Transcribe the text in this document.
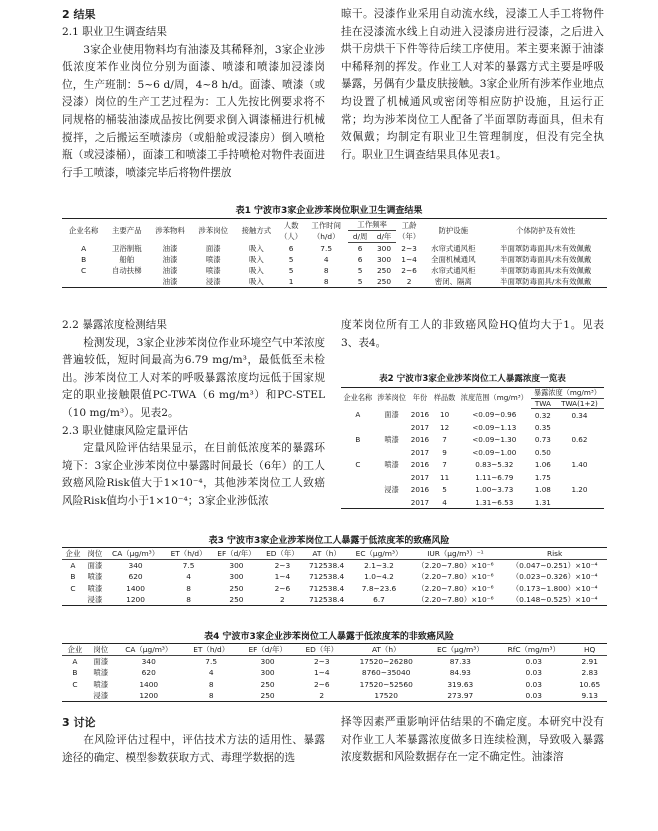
2 结果
2.1 职业卫生调查结果

3家企业使用物料均有油漆及其稀释剂，3家企业涉低浓度苯作业岗位分别为面漆、喷漆和喷漆加浸漆岗位，生产班制：5~6 d/周，4~8 h/d。面漆、喷漆（或浸漆）岗位的生产工艺过程为：工人先按比例要求将不同规格的桶装油漆成品按比例要求倒入调漆桶进行机械搅拌，之后搬运至喷漆房（或船舱或浸漆房）倒入喷枪瓶（或浸漆桶），面漆工和喷漆工手持喷枪对物件表面进行手工喷漆，喷漆完毕后将物件摆放

晾干。浸漆作业采用自动流水线，浸漆工人手工将物件挂在浸漆流水线上自动进入浸漆房进行浸漆，之后进入烘干房烘干下件等待后续工序使用。苯主要来源于油漆中稀释剂的挥发。作业工人对苯的暴露方式主要是呼吸暴露，另偶有少量皮肤接触。3家企业所有涉苯作业地点均设置了机械通风或密闭等相应防护设施，且运行正常；均为涉苯岗位工人配备了半面罩防毒面具，但未有效佩戴；均制定有职业卫生管理制度，但没有完全执行。职业卫生调查结果具体见表1。

表1 宁波市3家企业涉苯岗位职业卫生调查结果
企业名称	主要产品	涉苯物料	涉苯岗位	接触方式	人数（人）	工作时间（h/d）	工作频率		工龄（年）	防护设施	个体防护及有效性
							d/周	d/年			
A	卫浴制瓶	油漆	面漆	吸入	6	7.5	6	300	2~3	水帘式通风柜	半面罩防毒面具/未有效佩戴
B	船舶	油漆	喷漆	吸入	5	4	6	300	1~4	全面机械通风	半面罩防毒面具/未有效佩戴
C	自动扶梯	油漆	喷漆	吸入	5	8	5	250	2~6	水帘式通风柜	半面罩防毒面具/未有效佩戴
		油漆	浸漆	吸入	1	8	5	250	2	密闭、隔离	半面罩防毒面具/未有效佩戴
2.2 暴露浓度检测结果

检测发现，3家企业涉苯岗位作业环境空气中苯浓度普遍较低，短时间最高为6.79 mg/m³，最低低至未检出。涉苯岗位工人对苯的呼吸暴露浓度均远低于国家规定的职业接触限值PC-TWA（6 mg/m³）和PC-STEL（10 mg/m³）。见表2。

2.3 职业健康风险定量评估

定量风险评估结果显示，在目前低浓度苯的暴露环境下：3家企业涉苯岗位中暴露时间最长（6年）的工人致癌风险Risk值大于1×10⁻⁴，其他涉苯岗位工人致癌风险Risk值均小于1×10⁻⁴；3家企业涉低浓

度苯岗位所有工人的非致癌风险HQ值均大于1。见表3、表4。

表2 宁波市3家企业涉苯岗位工人暴露浓度一览表
企业名称	涉苯岗位	年份	样品数	浓度范围（mg/m³）	暴露浓度（mg/m³）	
					TWA	TWA(1+2)
A	面漆	2016	10	<0.09~0.96	0.32	0.34
		2017	12	<0.09~1.13	0.35	
B	喷漆	2016	7	<0.09~1.30	0.73	0.62
		2017	9	<0.09~1.00	0.50	
C	喷漆	2016	7	0.83~5.32	1.06	1.40
		2017	11	1.11~6.79	1.75	
	浸漆	2016	5	1.00~3.73	1.08	1.20
		2017	4	1.31~6.53	1.31	
表3 宁波市3家企业涉苯岗位工人暴露于低浓度苯的致癌风险
企业	岗位	CA（μg/m³）	ET（h/d）	EF（d/年）	ED（年）	AT（h）	EC（μg/m³）	IUR（μg/m³）⁻¹	Risk
A	面漆	340	7.5	300	2~3	712538.4	2.1~3.2	（2.20~7.80）×10⁻⁶	（0.047~0.251）×10⁻⁴
B	喷漆	620	4	300	1~4	712538.4	1.0~4.2	（2.20~7.80）×10⁻⁶	（0.023~0.326）×10⁻⁴
C	喷漆	1400	8	250	2~6	712538.4	7.8~23.6	（2.20~7.80）×10⁻⁶	（0.173~1.800）×10⁻⁴
	浸漆	1200	8	250	2	712538.4	6.7	（2.20~7.80）×10⁻⁶	（0.148~0.525）×10⁻⁴
表4 宁波市3家企业涉苯岗位工人暴露于低浓度苯的非致癌风险
企业	岗位	CA（μg/m³）	ET（h/d）	EF（d/年）	ED（年）	AT（h）	EC（μg/m³）	RfC（mg/m³）	HQ
A	面漆	340	7.5	300	2~3	17520~26280	87.33	0.03	2.91
B	喷漆	620	4	300	1~4	8760~35040	84.93	0.03	2.83
C	喷漆	1400	8	250	2~6	17520~52560	319.63	0.03	10.65
	浸漆	1200	8	250	2	17520	273.97	0.03	9.13
3 讨论

在风险评估过程中，评估技术方法的适用性、暴露途径的确定、模型参数获取方式、毒理学数据的选

择等因素严重影响评估结果的不确定度。本研究中没有对作业工人苯暴露浓度做多日连续检测，导致吸入暴露浓度数据和风险数据存在一定不确定性。油漆溶
